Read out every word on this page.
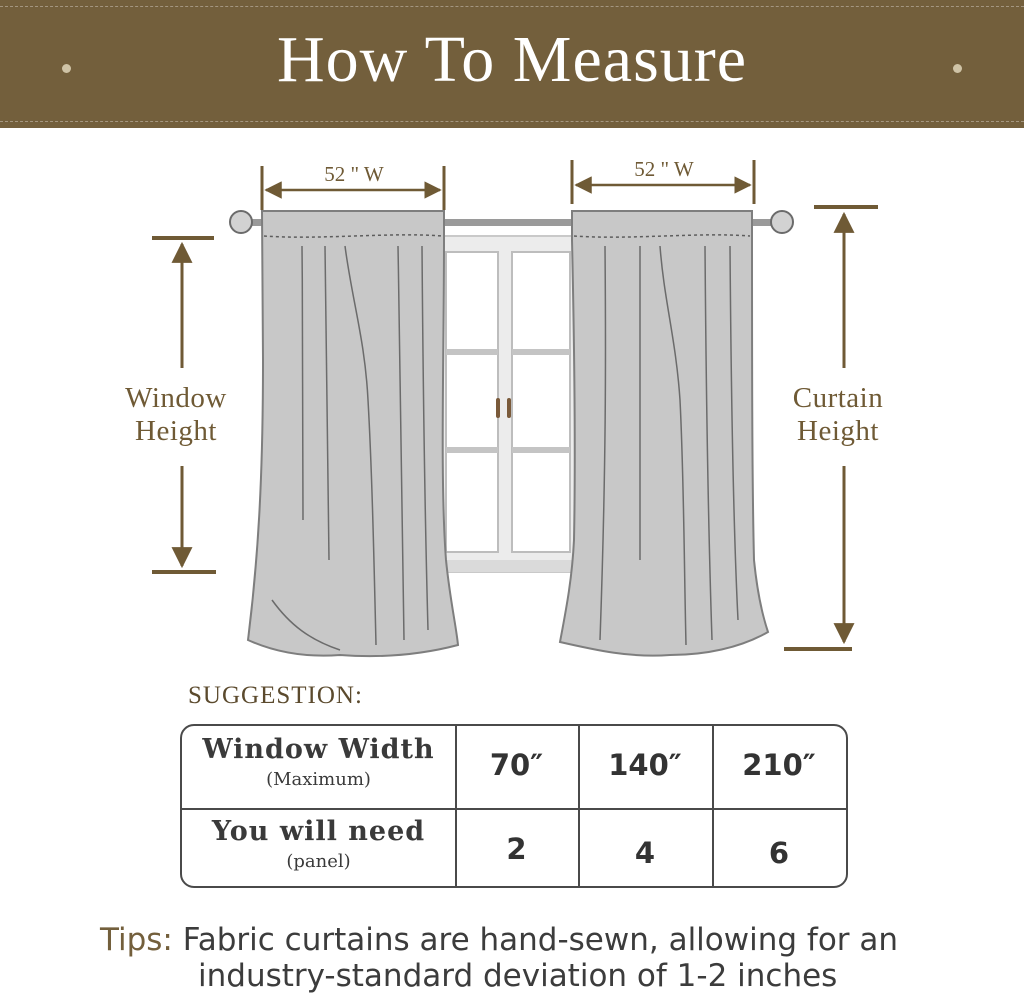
How To Measure
52 " W	52 " W
Window
Height
Curtain
Height
SUGGESTION:
Window Width
(Maximum)	70″	140″	210″
You will need
(panel)	2	4	6
Tips: Fabric curtains are hand-sewn, allowing for an
industry-standard deviation of 1-2 inches
